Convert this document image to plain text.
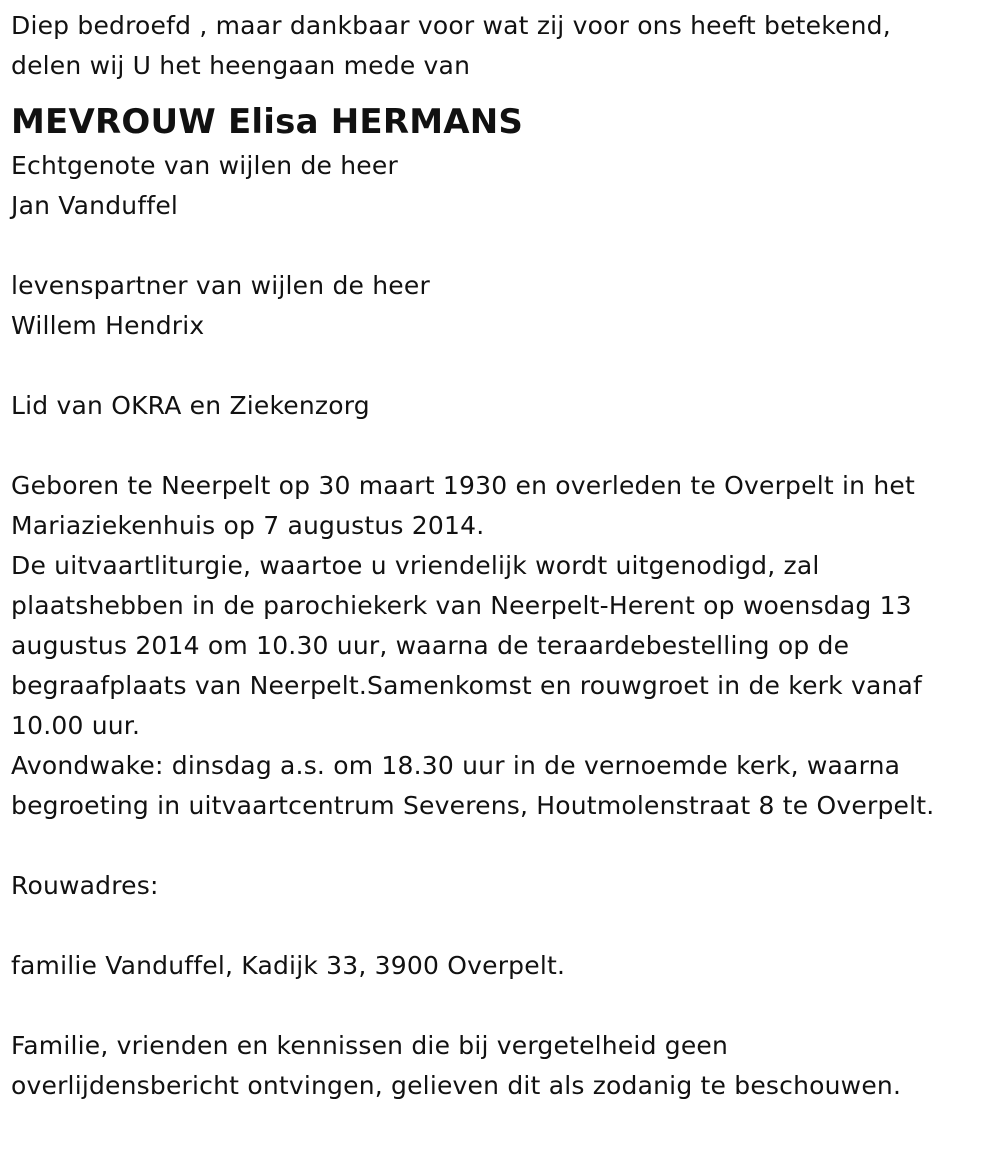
Diep bedroefd , maar dankbaar voor wat zij voor ons heeft betekend,
delen wij U het heengaan mede van
MEVROUW Elisa HERMANS
Echtgenote van wijlen de heer
Jan Vanduffel
levenspartner van wijlen de heer
Willem Hendrix
Lid van OKRA en Ziekenzorg
Geboren te Neerpelt op 30 maart 1930 en overleden te Overpelt in het
Mariaziekenhuis op 7 augustus 2014.
De uitvaartliturgie, waartoe u vriendelijk wordt uitgenodigd, zal
plaatshebben in de parochiekerk van Neerpelt-Herent op woensdag 13
augustus 2014 om 10.30 uur, waarna de teraardebestelling op de
begraafplaats van Neerpelt.Samenkomst en rouwgroet in de kerk vanaf
10.00 uur.
Avondwake: dinsdag a.s. om 18.30 uur in de vernoemde kerk, waarna
begroeting in uitvaartcentrum Severens, Houtmolenstraat 8 te Overpelt.
Rouwadres:
familie Vanduffel, Kadijk 33, 3900 Overpelt.
Familie, vrienden en kennissen die bij vergetelheid geen
overlijdensbericht ontvingen, gelieven dit als zodanig te beschouwen.
